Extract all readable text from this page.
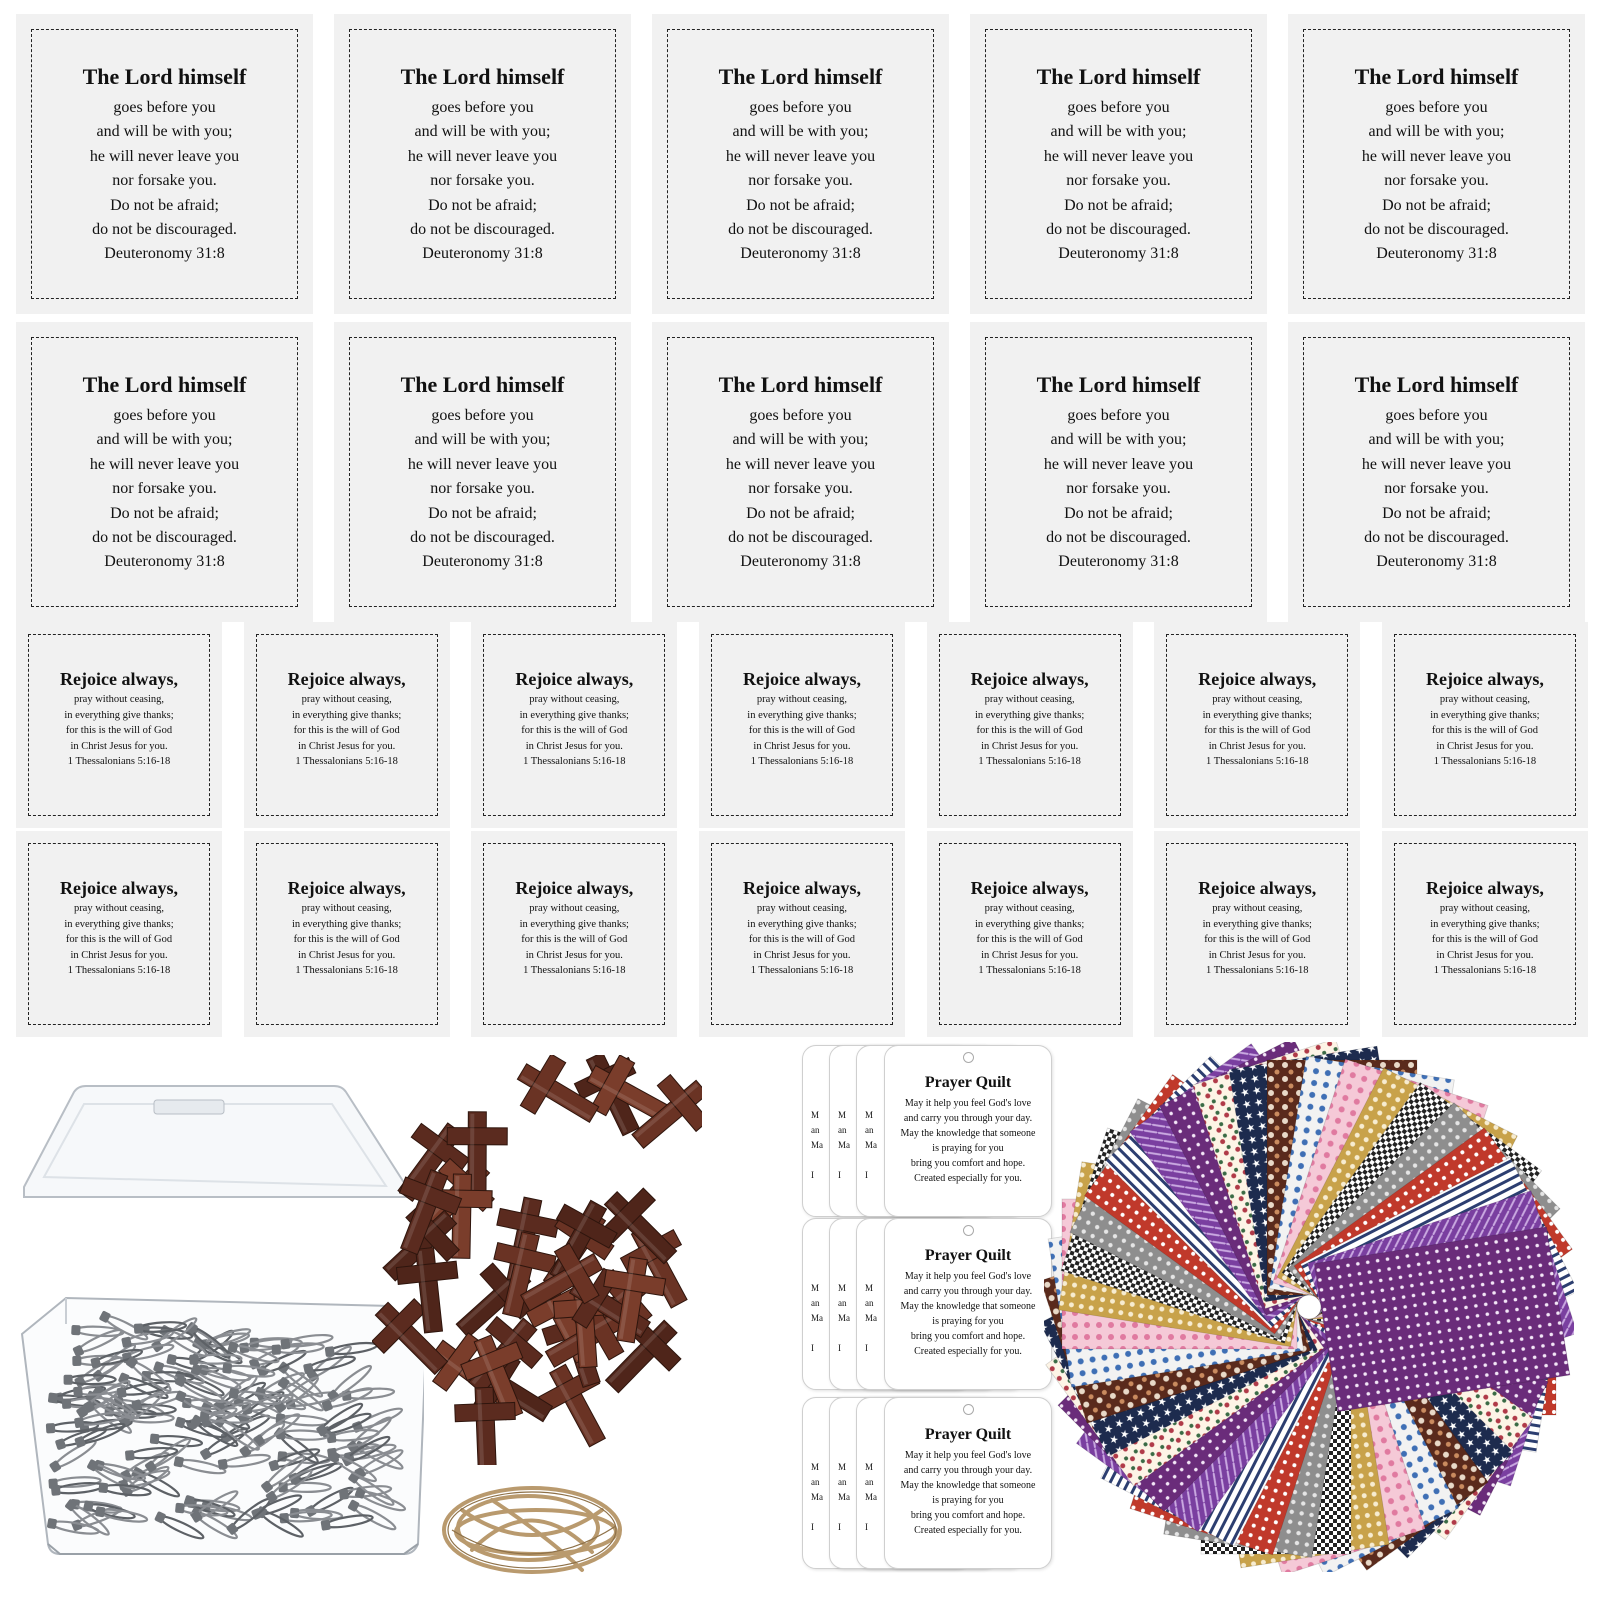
The Lord himself
goes before you
and will be with you;
he will never leave you
nor forsake you.
Do not be afraid;
do not be discouraged.
Deuteronomy 31:8
The Lord himself
goes before you
and will be with you;
he will never leave you
nor forsake you.
Do not be afraid;
do not be discouraged.
Deuteronomy 31:8
The Lord himself
goes before you
and will be with you;
he will never leave you
nor forsake you.
Do not be afraid;
do not be discouraged.
Deuteronomy 31:8
The Lord himself
goes before you
and will be with you;
he will never leave you
nor forsake you.
Do not be afraid;
do not be discouraged.
Deuteronomy 31:8
The Lord himself
goes before you
and will be with you;
he will never leave you
nor forsake you.
Do not be afraid;
do not be discouraged.
Deuteronomy 31:8
The Lord himself
goes before you
and will be with you;
he will never leave you
nor forsake you.
Do not be afraid;
do not be discouraged.
Deuteronomy 31:8
The Lord himself
goes before you
and will be with you;
he will never leave you
nor forsake you.
Do not be afraid;
do not be discouraged.
Deuteronomy 31:8
The Lord himself
goes before you
and will be with you;
he will never leave you
nor forsake you.
Do not be afraid;
do not be discouraged.
Deuteronomy 31:8
The Lord himself
goes before you
and will be with you;
he will never leave you
nor forsake you.
Do not be afraid;
do not be discouraged.
Deuteronomy 31:8
The Lord himself
goes before you
and will be with you;
he will never leave you
nor forsake you.
Do not be afraid;
do not be discouraged.
Deuteronomy 31:8
Rejoice always,
pray without ceasing,
in everything give thanks;
for this is the will of God
in Christ Jesus for you.
1 Thessalonians 5:16-18
Rejoice always,
pray without ceasing,
in everything give thanks;
for this is the will of God
in Christ Jesus for you.
1 Thessalonians 5:16-18
Rejoice always,
pray without ceasing,
in everything give thanks;
for this is the will of God
in Christ Jesus for you.
1 Thessalonians 5:16-18
Rejoice always,
pray without ceasing,
in everything give thanks;
for this is the will of God
in Christ Jesus for you.
1 Thessalonians 5:16-18
Rejoice always,
pray without ceasing,
in everything give thanks;
for this is the will of God
in Christ Jesus for you.
1 Thessalonians 5:16-18
Rejoice always,
pray without ceasing,
in everything give thanks;
for this is the will of God
in Christ Jesus for you.
1 Thessalonians 5:16-18
Rejoice always,
pray without ceasing,
in everything give thanks;
for this is the will of God
in Christ Jesus for you.
1 Thessalonians 5:16-18
Rejoice always,
pray without ceasing,
in everything give thanks;
for this is the will of God
in Christ Jesus for you.
1 Thessalonians 5:16-18
Rejoice always,
pray without ceasing,
in everything give thanks;
for this is the will of God
in Christ Jesus for you.
1 Thessalonians 5:16-18
Rejoice always,
pray without ceasing,
in everything give thanks;
for this is the will of God
in Christ Jesus for you.
1 Thessalonians 5:16-18
Rejoice always,
pray without ceasing,
in everything give thanks;
for this is the will of God
in Christ Jesus for you.
1 Thessalonians 5:16-18
Rejoice always,
pray without ceasing,
in everything give thanks;
for this is the will of God
in Christ Jesus for you.
1 Thessalonians 5:16-18
Rejoice always,
pray without ceasing,
in everything give thanks;
for this is the will of God
in Christ Jesus for you.
1 Thessalonians 5:16-18
Rejoice always,
pray without ceasing,
in everything give thanks;
for this is the will of God
in Christ Jesus for you.
1 Thessalonians 5:16-18
M
an
Ma
I
M
an
Ma
I
M
an
Ma
I
Prayer Quilt
May it help you feel God's love
and carry you through your day.
May the knowledge that someone
is praying for you
bring you comfort and hope.
Created especially for you.
M
an
Ma
I
M
an
Ma
I
M
an
Ma
I
Prayer Quilt
May it help you feel God's love
and carry you through your day.
May the knowledge that someone
is praying for you
bring you comfort and hope.
Created especially for you.
M
an
Ma
I
M
an
Ma
I
M
an
Ma
I
Prayer Quilt
May it help you feel God's love
and carry you through your day.
May the knowledge that someone
is praying for you
bring you comfort and hope.
Created especially for you.
